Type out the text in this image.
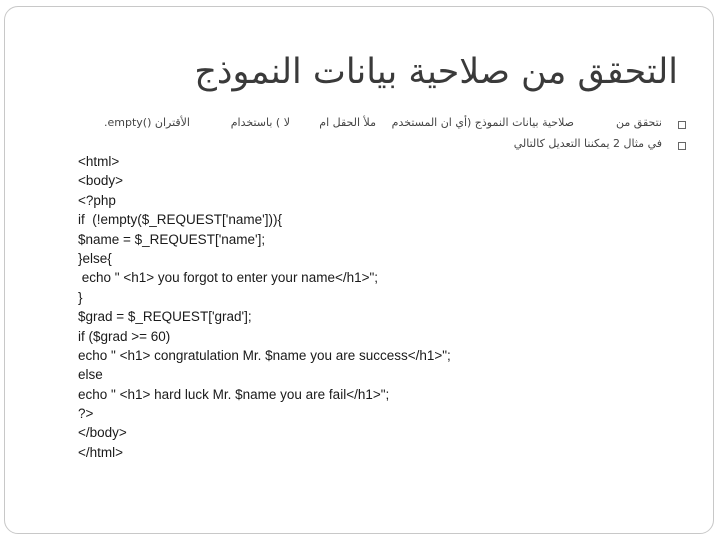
التحقق من صلاحية بيانات النموذج
نتحقق من
صلاحية بيانات النموذج (أي ان المستخدم
ملأ الحقل ام
لا ) باستخدام
الأقتران ()empty.
في مثال 2 يمكننا التعديل كالتالي
<html>
<body>
<?php
if  (!empty($_REQUEST['name'])){
$name = $_REQUEST['name'];
}else{
echo " <h1> you forgot to enter your name</h1>";
}
$grad = $_REQUEST['grad'];
if ($grad >= 60)
echo " <h1> congratulation Mr. $name you are success</h1>";
else
echo " <h1> hard luck Mr. $name you are fail</h1>";
?>
</body>
</html>
